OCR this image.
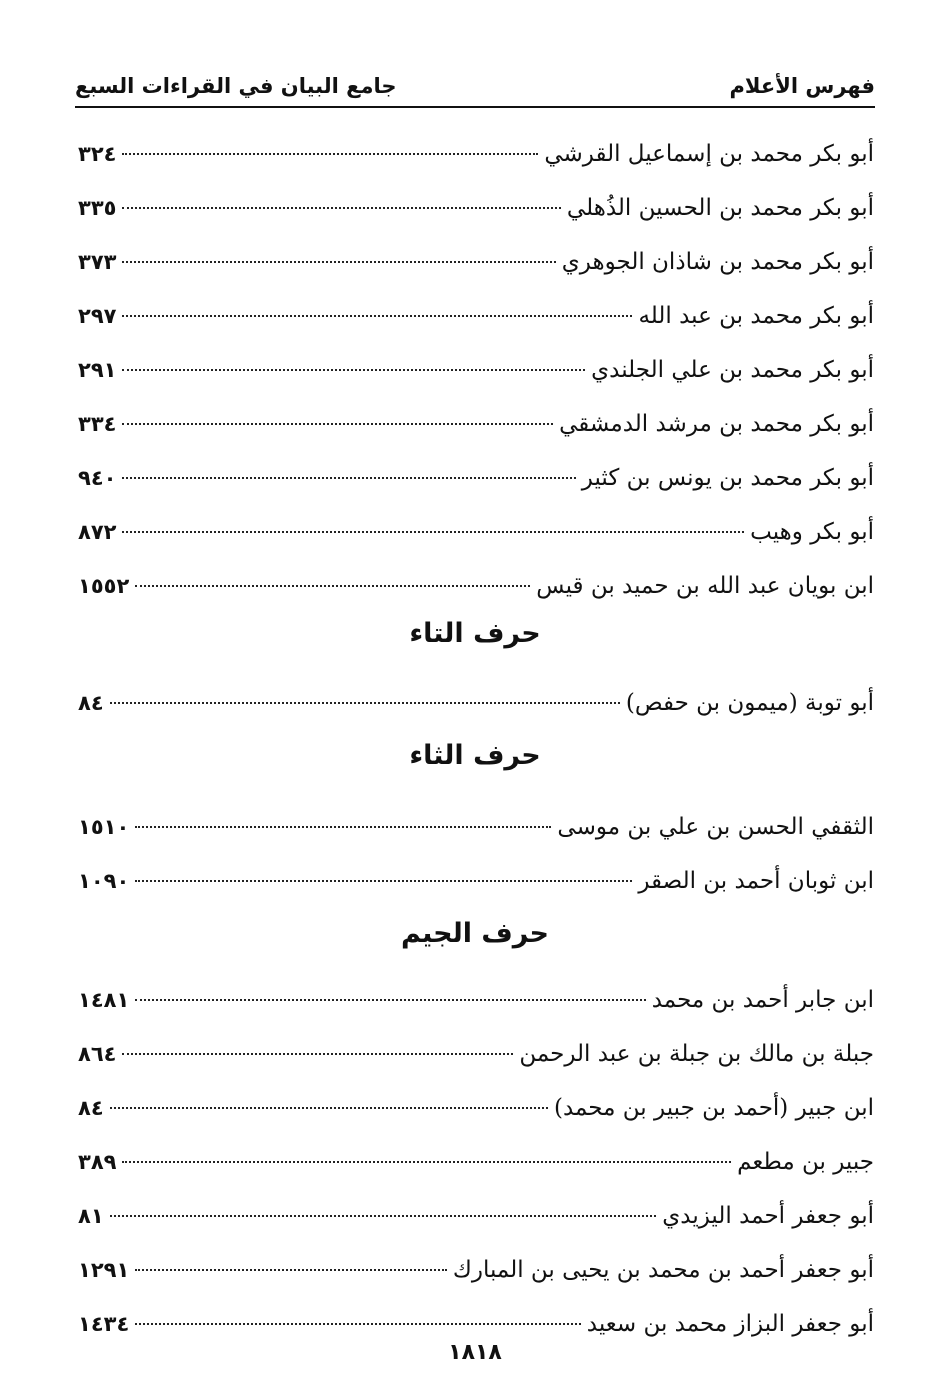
فهرس الأعلام
جامع البيان في القراءات السبع
أبو بكر محمد بن إسماعيل القرشي
٣٢٤
أبو بكر محمد بن الحسين الذُهلي
٣٣٥
أبو بكر محمد بن شاذان الجوهري
٣٧٣
أبو بكر محمد بن عبد الله
٢٩٧
أبو بكر محمد بن علي الجلندي
٢٩١
أبو بكر محمد بن مرشد الدمشقي
٣٣٤
أبو بكر محمد بن يونس بن كثير
٩٤٠
أبو بكر وهيب
٨٧٢
ابن بويان عبد الله بن حميد بن قيس
١٥٥٢
حرف التاء
أبو توبة (ميمون بن حفص)
٨٤
حرف الثاء
الثقفي الحسن بن علي بن موسى
١٥١٠
ابن ثوبان أحمد بن الصقر
١٠٩٠
حرف الجيم
ابن جابر أحمد بن محمد
١٤٨١
جبلة بن مالك بن جبلة بن عبد الرحمن
٨٦٤
ابن جبير (أحمد بن جبير بن محمد)
٨٤
جبير بن مطعم
٣٨٩
أبو جعفر أحمد اليزيدي
٨١
أبو جعفر أحمد بن محمد بن يحيى بن المبارك
١٢٩١
أبو جعفر البزاز محمد بن سعيد
١٤٣٤
١٨١٨
